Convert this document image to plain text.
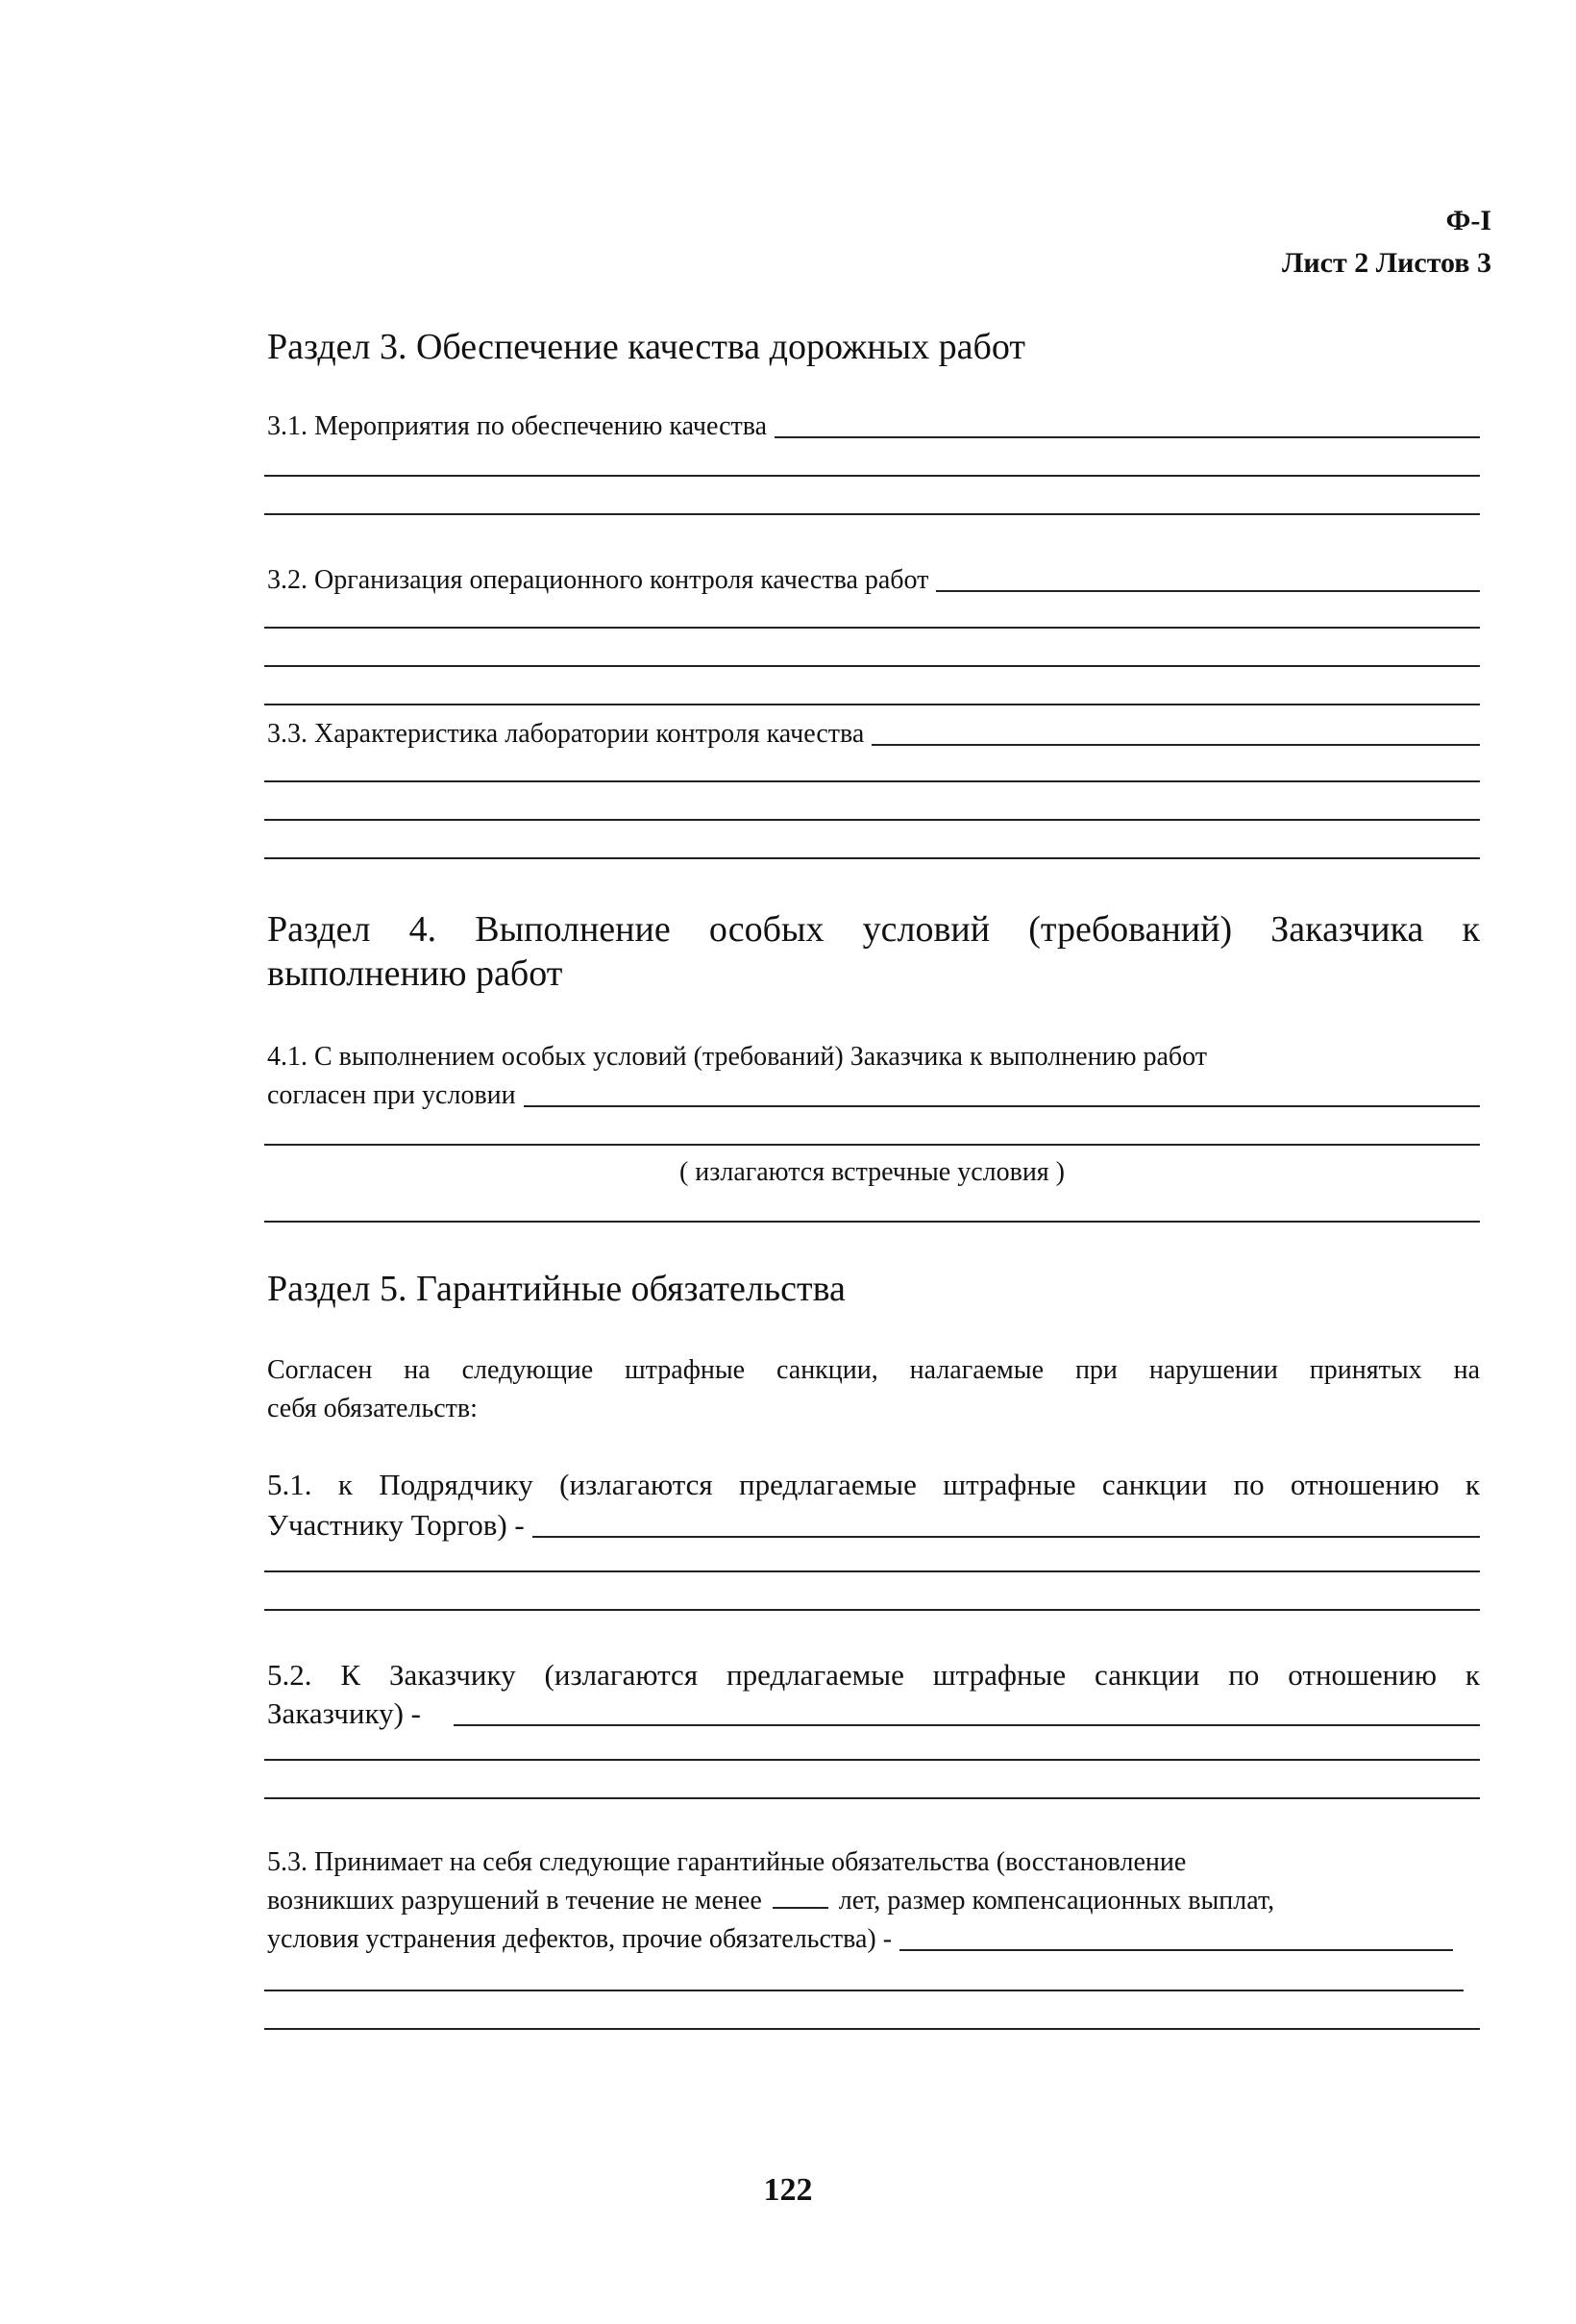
Ф-I
Лист 2 Листов 3
Раздел 3. Обеспечение качества дорожных работ
3.1. Мероприятия по обеспечению качества
3.2. Организация операционного контроля качества работ
3.3. Характеристика лаборатории контроля качества
Раздел 4. Выполнение особых условий (требований) Заказчика к
выполнению работ
4.1. С выполнением особых условий (требований) Заказчика к выполнению работ
согласен при условии
( излагаются встречные условия )
Раздел 5. Гарантийные обязательства
Согласен на следующие штрафные санкции, налагаемые при нарушении принятых на
себя обязательств:
5.1. к Подрядчику (излагаются предлагаемые штрафные санкции по отношению к
Участнику Торгов) -
5.2. К Заказчику (излагаются предлагаемые штрафные санкции по отношению к
Заказчику) -
5.3. Принимает на себя следующие гарантийные обязательства (восстановление
возникших разрушений в течение не менее	лет, размер компенсационных выплат,
условия устранения дефектов, прочие обязательства) -
122
